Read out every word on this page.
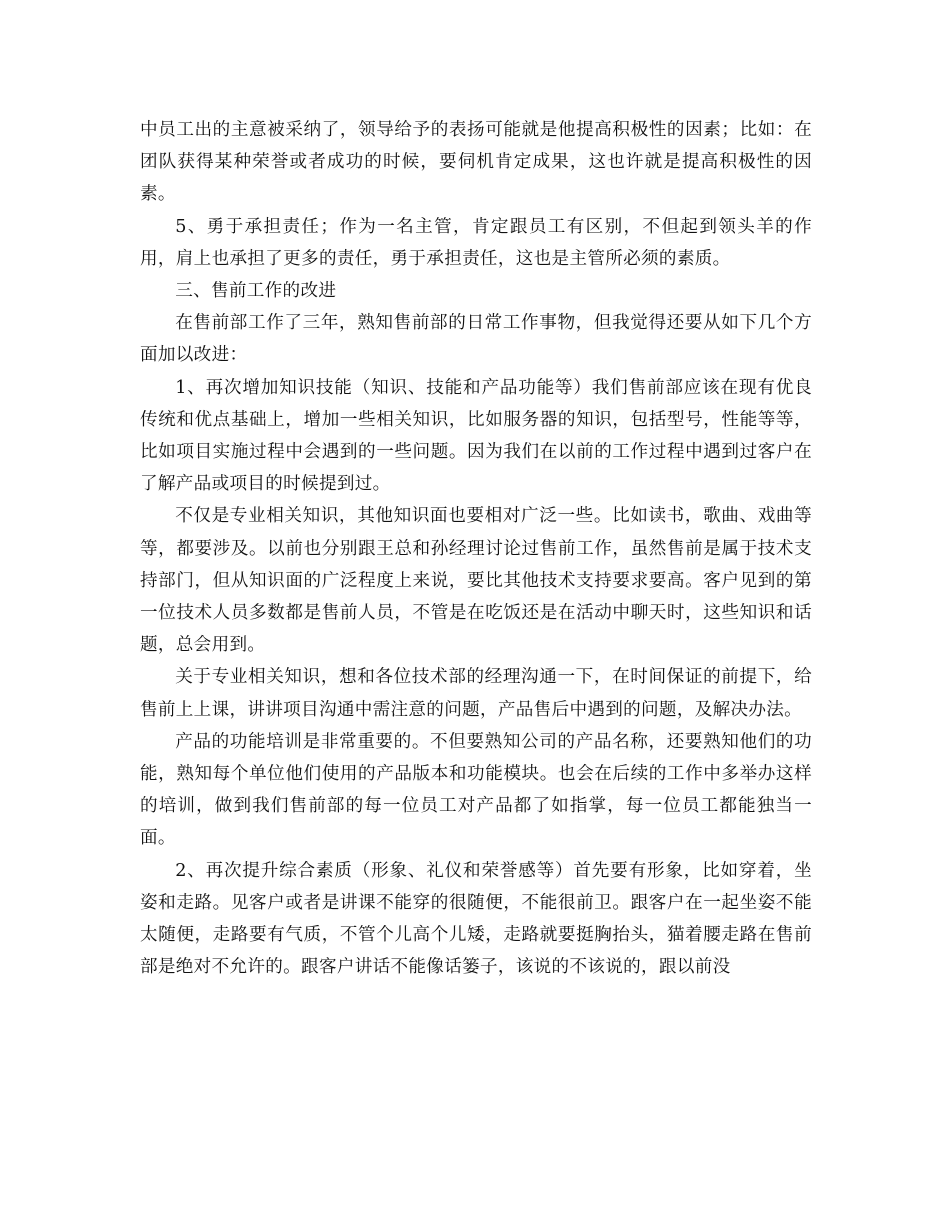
中员工出的主意被采纳了，领导给予的表扬可能就是他提高积极性的因素；比如：在团队获得某种荣誉或者成功的时候，要伺机肯定成果，这也许就是提高积极性的因素。

5、勇于承担责任；作为一名主管，肯定跟员工有区别，不但起到领头羊的作用，肩上也承担了更多的责任，勇于承担责任，这也是主管所必须的素质。

三、售前工作的改进

在售前部工作了三年，熟知售前部的日常工作事物，但我觉得还要从如下几个方面加以改进：

1、再次增加知识技能（知识、技能和产品功能等）我们售前部应该在现有优良传统和优点基础上，增加一些相关知识，比如服务器的知识，包括型号，性能等等，比如项目实施过程中会遇到的一些问题。因为我们在以前的工作过程中遇到过客户在了解产品或项目的时候提到过。

不仅是专业相关知识，其他知识面也要相对广泛一些。比如读书，歌曲、戏曲等等，都要涉及。以前也分别跟王总和孙经理讨论过售前工作，虽然售前是属于技术支持部门，但从知识面的广泛程度上来说，要比其他技术支持要求要高。客户见到的第一位技术人员多数都是售前人员，不管是在吃饭还是在活动中聊天时，这些知识和话题，总会用到。

关于专业相关知识，想和各位技术部的经理沟通一下，在时间保证的前提下，给售前上上课，讲讲项目沟通中需注意的问题，产品售后中遇到的问题，及解决办法。

产品的功能培训是非常重要的。不但要熟知公司的产品名称，还要熟知他们的功能，熟知每个单位他们使用的产品版本和功能模块。也会在后续的工作中多举办这样的培训，做到我们售前部的每一位员工对产品都了如指掌，每一位员工都能独当一面。

2、再次提升综合素质（形象、礼仪和荣誉感等）首先要有形象，比如穿着，坐姿和走路。见客户或者是讲课不能穿的很随便，不能很前卫。跟客户在一起坐姿不能太随便，走路要有气质，不管个儿高个儿矮，走路就要挺胸抬头，猫着腰走路在售前部是绝对不允许的。跟客户讲话不能像话篓子，该说的不该说的，跟以前没
